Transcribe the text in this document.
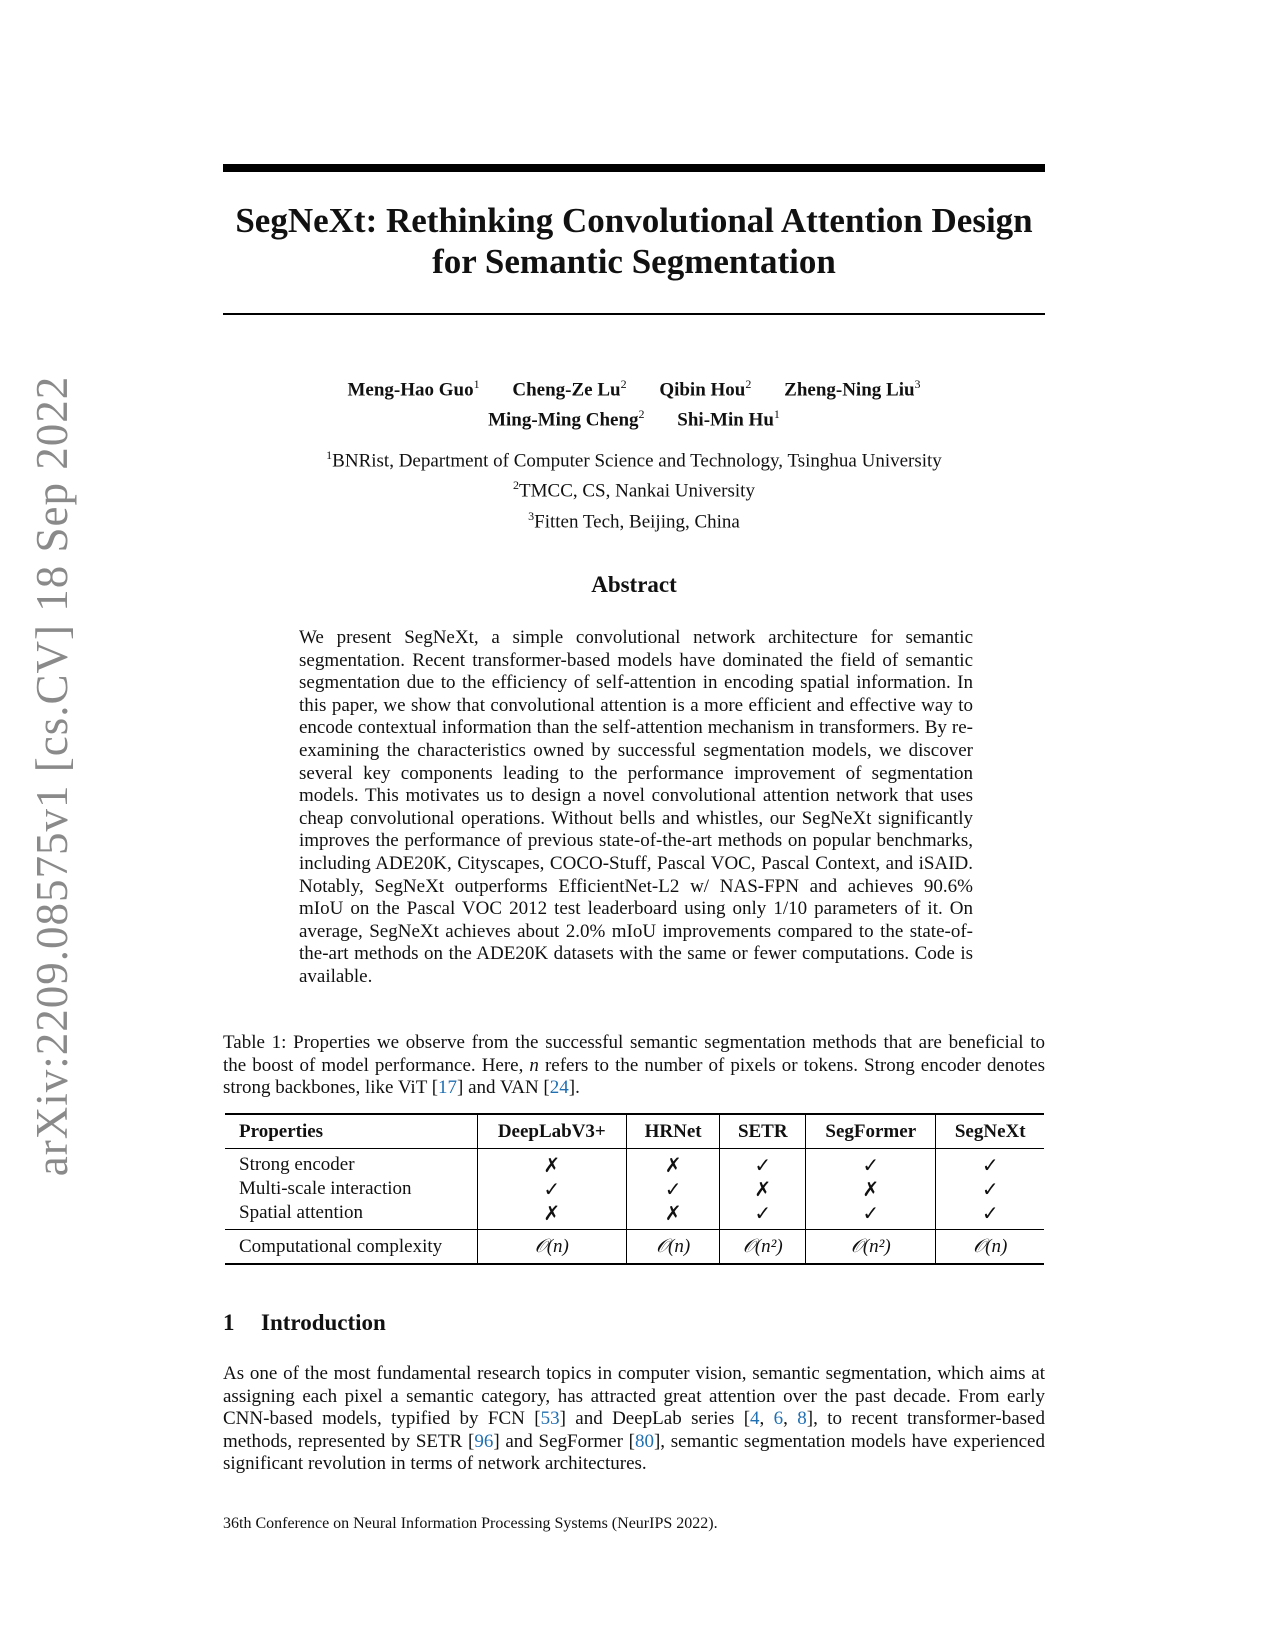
arXiv:2209.08575v1 [cs.CV] 18 Sep 2022
SegNeXt: Rethinking Convolutional Attention Design
for Semantic Segmentation
Meng-Hao Guo$^1$ Cheng-Ze Lu$^2$ Qibin Hou$^2$ Zheng-Ning Liu$^3$
Ming-Ming Cheng$^2$ Shi-Min Hu$^1$
$^1$BNRist, Department of Computer Science and Technology, Tsinghua University
$^2$TMCC, CS, Nankai University
$^3$Fitten Tech, Beijing, China
Abstract
We present SegNeXt, a simple convolutional network architecture for semantic segmentation. Recent transformer-based models have dominated the field of semantic segmentation due to the efficiency of self-attention in encoding spatial information. In this paper, we show that convolutional attention is a more efficient and effective way to encode contextual information than the self-attention mechanism in transformers. By re-examining the characteristics owned by successful segmentation models, we discover several key components leading to the performance improvement of segmentation models. This motivates us to design a novel convolutional attention network that uses cheap convolutional operations. Without bells and whistles, our SegNeXt significantly improves the performance of previous state-of-the-art methods on popular benchmarks, including ADE20K, Cityscapes, COCO-Stuff, Pascal VOC, Pascal Context, and iSAID. Notably, SegNeXt outperforms EfficientNet-L2 w/ NAS-FPN and achieves 90.6% mIoU on the Pascal VOC 2012 test leaderboard using only 1/10 parameters of it. On average, SegNeXt achieves about 2.0% mIoU improvements compared to the state-of-the-art methods on the ADE20K datasets with the same or fewer computations. Code is available.
Table 1: Properties we observe from the successful semantic segmentation methods that are beneficial to the boost of model performance. Here, n refers to the number of pixels or tokens. Strong encoder denotes strong backbones, like ViT [17] and VAN [24].
Properties	DeepLabV3+	HRNet	SETR	SegFormer	SegNeXt
Strong encoder	✗	✗	✓	✓	✓
Multi-scale interaction	✓	✓	✗	✗	✓
Spatial attention	✗	✗	✓	✓	✓
Computational complexity	𝒪(n)	𝒪(n)	𝒪(n²)	𝒪(n²)	𝒪(n)
1 Introduction
As one of the most fundamental research topics in computer vision, semantic segmentation, which aims at assigning each pixel a semantic category, has attracted great attention over the past decade. From early CNN-based models, typified by FCN [53] and DeepLab series [4, 6, 8], to recent transformer-based methods, represented by SETR [96] and SegFormer [80], semantic segmentation models have experienced significant revolution in terms of network architectures.
36th Conference on Neural Information Processing Systems (NeurIPS 2022).
